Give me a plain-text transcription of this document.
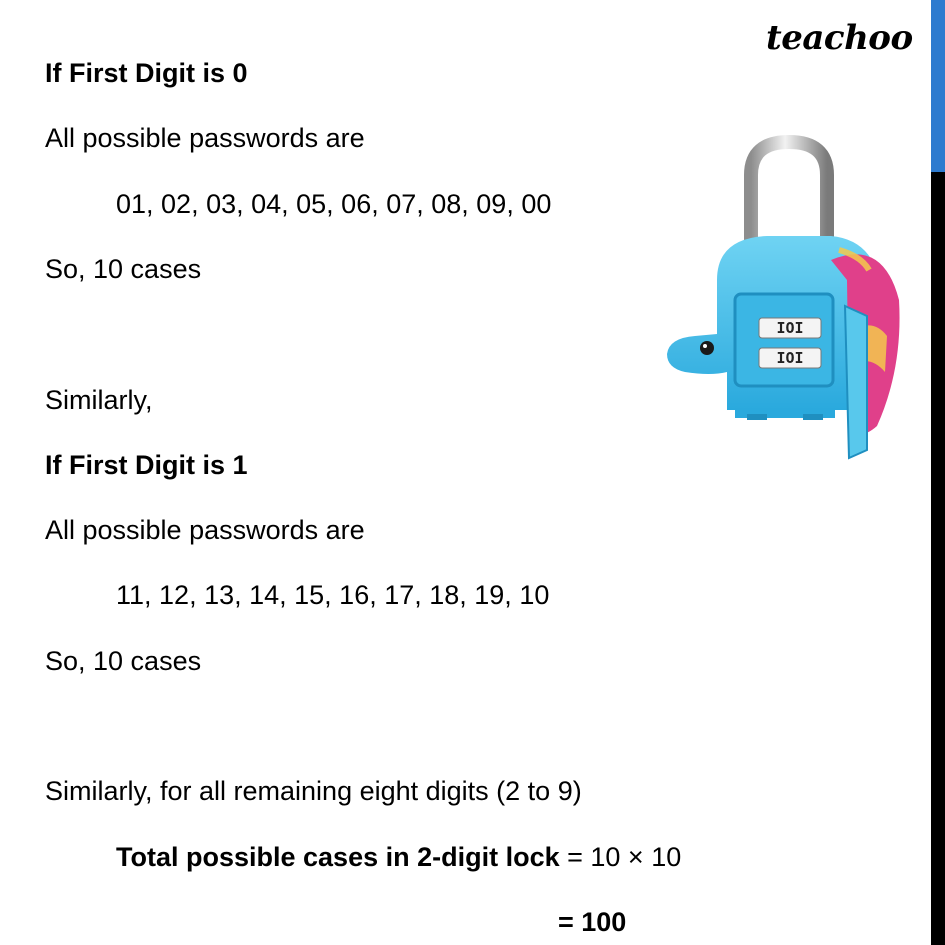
teachoo
If First Digit is 0
All possible passwords are
01, 02, 03, 04, 05, 06, 07, 08, 09, 00
So, 10 cases
Similarly,
If First Digit is 1
All possible passwords are
11, 12, 13, 14, 15, 16, 17, 18, 19, 10
So, 10 cases
Similarly, for all remaining eight digits (2 to 9)
Total possible cases in 2-digit lock = 10 × 10
= 100
IOI
IOI
